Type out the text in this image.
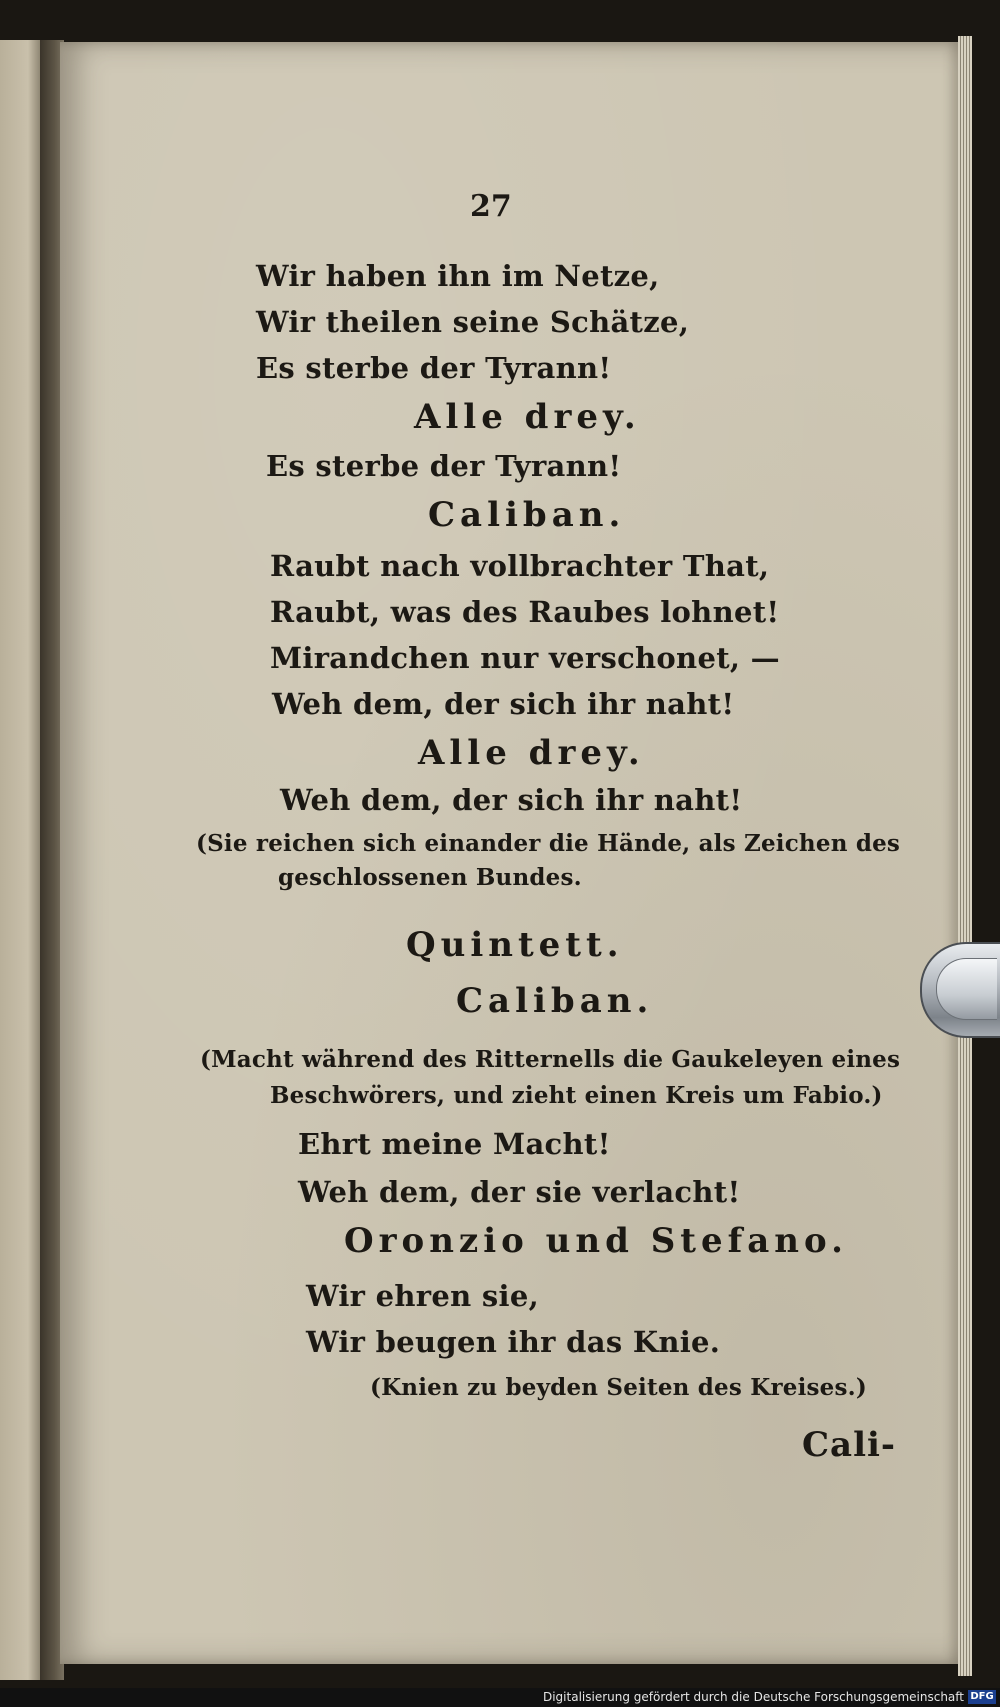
27
Wir haben ihn im Netze,
Wir theilen seine Schätze,
Es sterbe der Tyrann!
Alle drey.
Es sterbe der Tyrann!
Caliban.
Raubt nach vollbrachter That,
Raubt, was des Raubes lohnet!
Mirandchen nur verschonet, —
Weh dem, der sich ihr naht!
Alle drey.
Weh dem, der sich ihr naht!
(Sie reichen sich einander die Hände, als Zeichen des
geschlossenen Bundes.
Quintett.
Caliban.
(Macht während des Ritternells die Gaukeleyen eines
Beschwörers, und zieht einen Kreis um Fabio.)
Ehrt meine Macht!
Weh dem, der sie verlacht!
Oronzio und Stefano.
Wir ehren sie,
Wir beugen ihr das Knie.
(Knien zu beyden Seiten des Kreises.)
Cali-
Digitalisierung gefördert durch die Deutsche Forschungsgemeinschaft DFG
